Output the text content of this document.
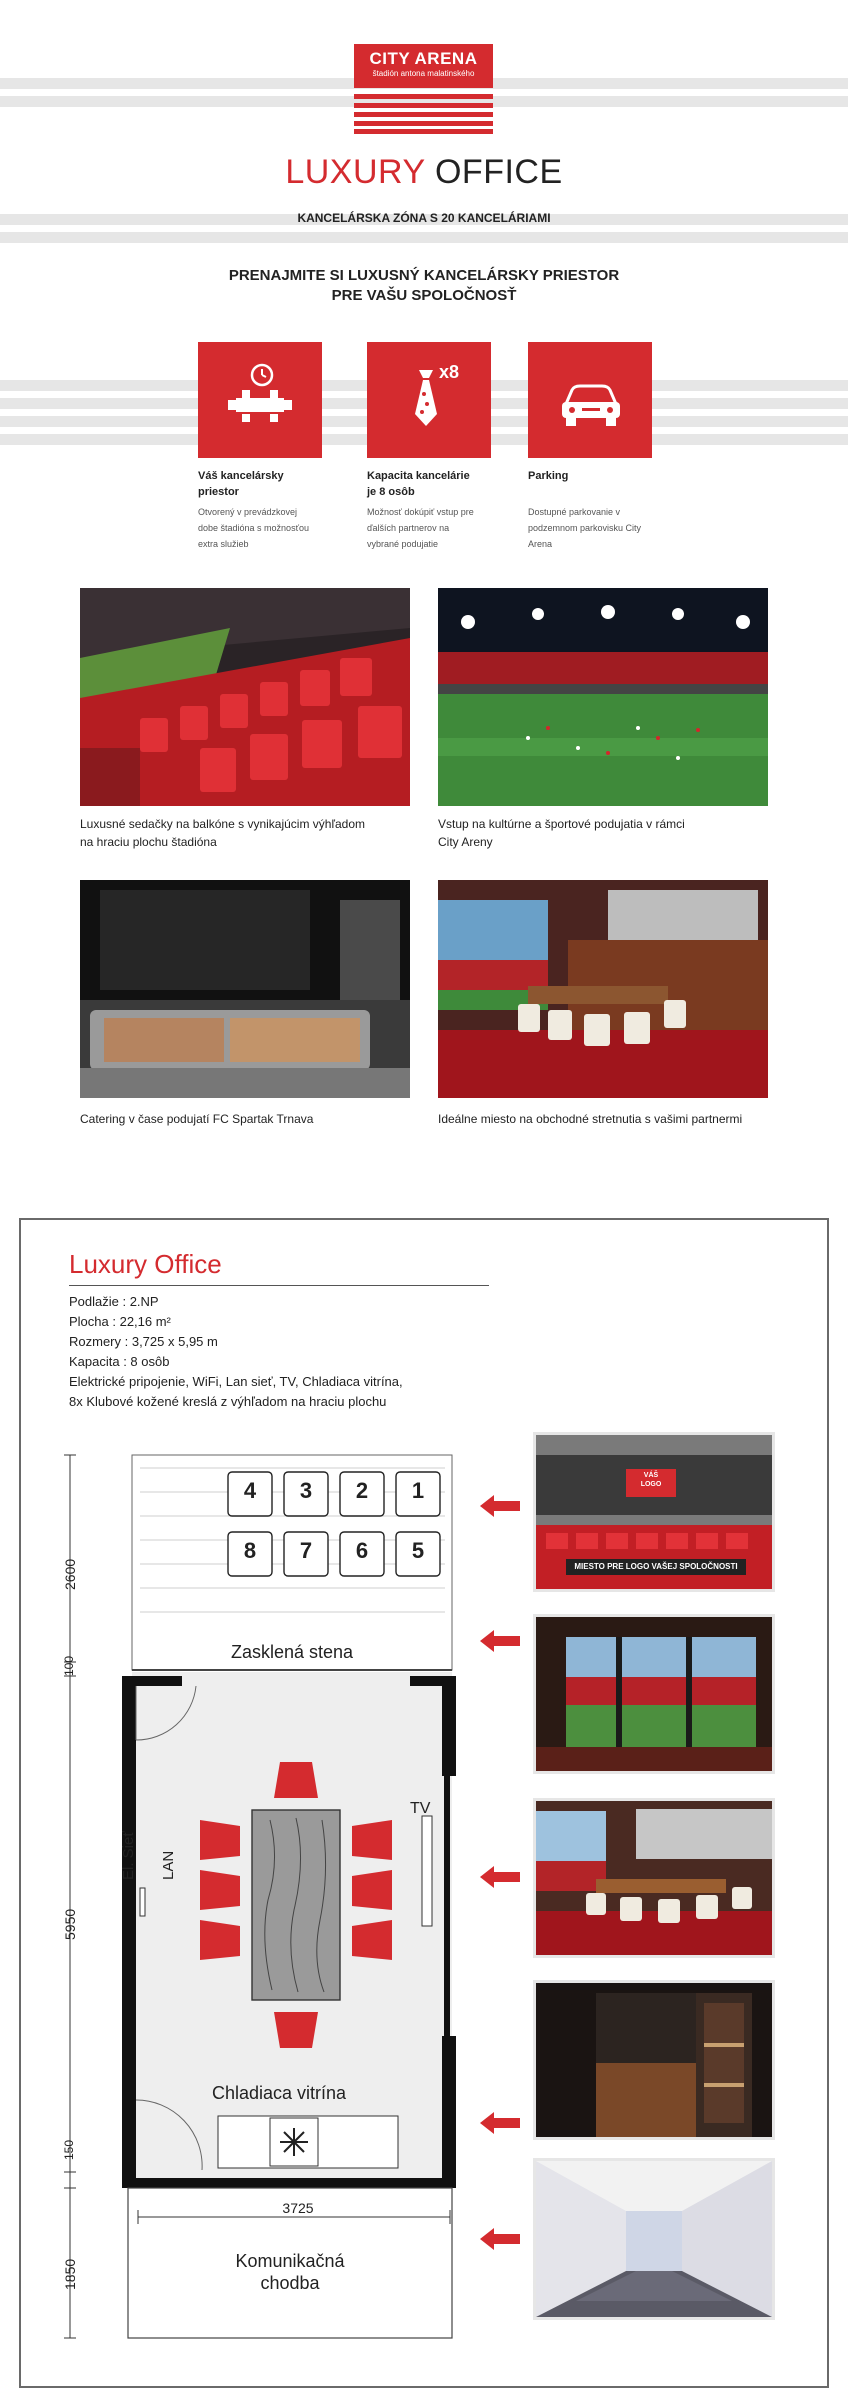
CITY ARENA
štadión antona malatinského
LUXURY OFFICE
KANCELÁRSKA ZÓNA S 20 KANCELÁRIAMI
PRENAJMITE SI LUXUSNÝ KANCELÁRSKY PRIESTOR
PRE VAŠU SPOLOČNOSŤ
x8
Váš kancelársky
priestor
Otvorený v prevádzkovej
dobe štadióna s možnosťou
extra služieb
Kapacita kancelárie
je 8 osôb
Možnosť dokúpiť vstup pre
ďalších partnerov na
vybrané podujatie
Parking
Dostupné parkovanie v
podzemnom parkovisku City
Arena
Luxusné sedačky na balkóne s vynikajúcim výhľadom
na hraciu plochu štadióna
Vstup na kultúrne a športové podujatia v rámci
City Areny
Catering v čase podujatí FC Spartak Trnava	Ideálne miesto na obchodné stretnutia s vašimi partnermi
Luxury Office
Podlažie : 2.NP
Plocha : 22,16 m²
Rozmery : 3,725 x 5,95 m
Kapacita : 8 osôb
Elektrické pripojenie, WiFi, Lan sieť, TV, Chladiaca vitrína,
8x Klubové kožené kreslá z výhľadom na hraciu plochu
4	3	2	1
8	7	6	5
Zasklená stena
TV
El. Sieť LAN
Chladiaca vitrína
Komunikačná
chodba
3725
2600
100
5950
150
1850
VÁŠ
LOGO
MIESTO PRE LOGO VAŠEJ SPOLOČNOSTI
